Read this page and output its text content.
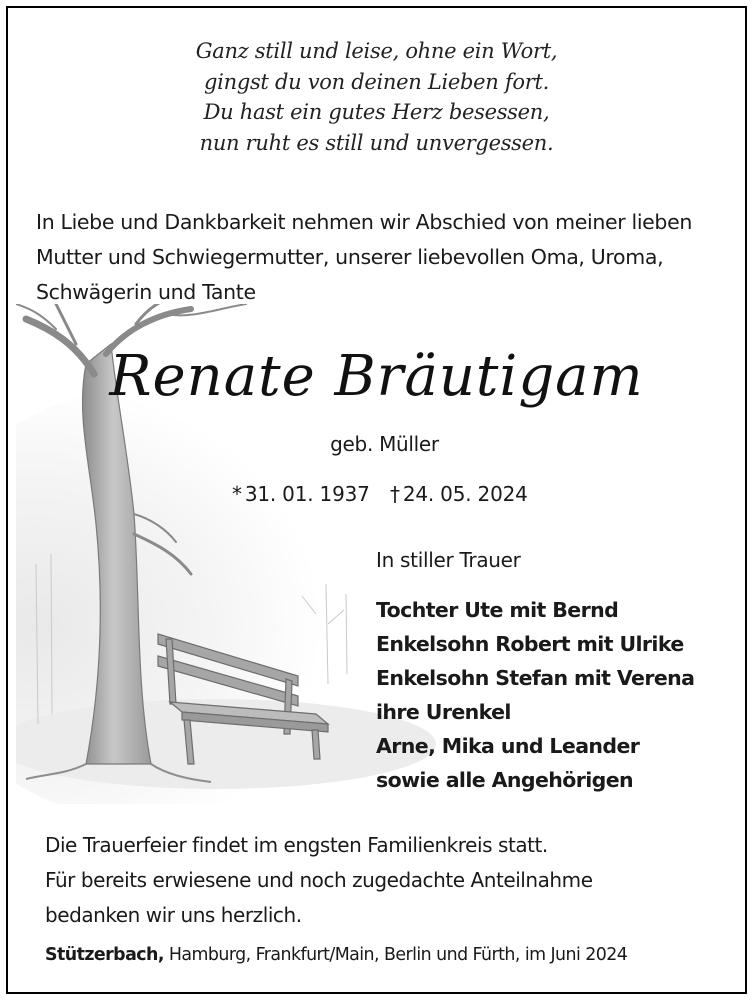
Ganz still und leise, ohne ein Wort,
gingst du von deinen Lieben fort.
Du hast ein gutes Herz besessen,
nun ruht es still und unvergessen.
In Liebe und Dankbarkeit nehmen wir Abschied von meiner lieben Mutter und Schwiegermutter, unserer liebevollen Oma, Uroma, Schwägerin und Tante
Renate Bräutigam
geb. Müller
* 31. 01. 1937 † 24. 05. 2024
In stiller Trauer
Tochter Ute mit Bernd
Enkelsohn Robert mit Ulrike
Enkelsohn Stefan mit Verena
ihre Urenkel
Arne, Mika und Leander
sowie alle Angehörigen
Die Trauerfeier findet im engsten Familienkreis statt.
Für bereits erwiesene und noch zugedachte Anteilnahme
bedanken wir uns herzlich.
Stützerbach, Hamburg, Frankfurt/Main, Berlin und Fürth, im Juni 2024
